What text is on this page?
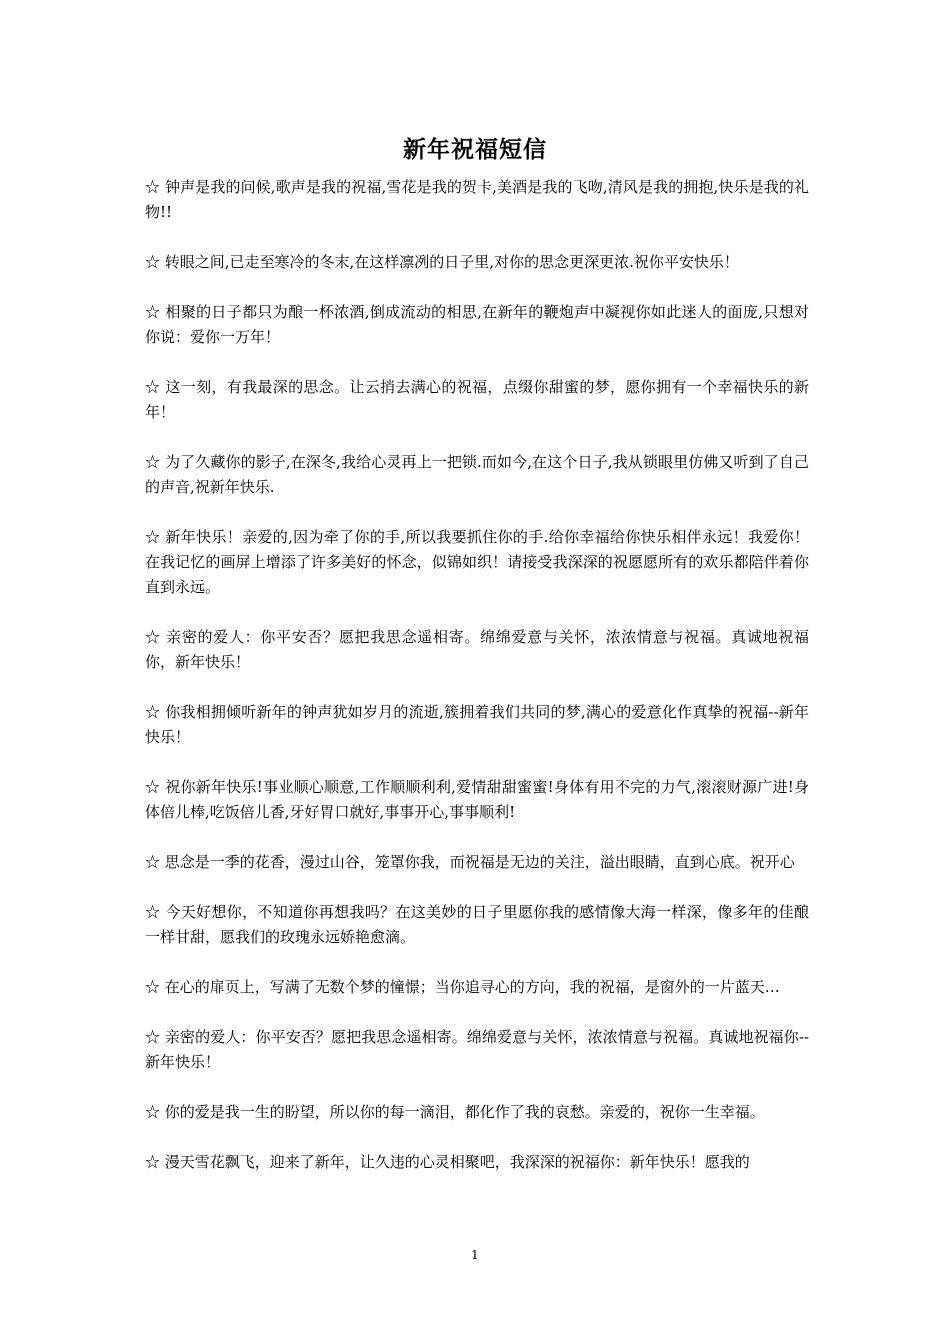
新年祝福短信

☆ 钟声是我的问候,歌声是我的祝福,雪花是我的贺卡,美酒是我的飞吻,清风是我的拥抱,快乐是我的礼物!!

☆ 转眼之间,已走至寒冷的冬末,在这样凛冽的日子里,对你的思念更深更浓.祝你平安快乐！

☆ 相聚的日子都只为酿一杯浓酒,倒成流动的相思,在新年的鞭炮声中凝视你如此迷人的面庞,只想对你说：爱你一万年！

☆ 这一刻，有我最深的思念。让云捎去满心的祝福，点缀你甜蜜的梦，愿你拥有一个幸福快乐的新年！

☆ 为了久藏你的影子,在深冬,我给心灵再上一把锁.而如今,在这个日子,我从锁眼里仿佛又听到了自己的声音,祝新年快乐.

☆ 新年快乐！亲爱的,因为牵了你的手,所以我要抓住你的手.给你幸福给你快乐相伴永远！我爱你！ 在我记忆的画屏上增添了许多美好的怀念，似锦如织！请接受我深深的祝愿愿所有的欢乐都陪伴着你直到永远。

☆ 亲密的爱人：你平安否？愿把我思念遥相寄。绵绵爱意与关怀，浓浓情意与祝福。真诚地祝福你，新年快乐！

☆ 你我相拥倾听新年的钟声犹如岁月的流逝,簇拥着我们共同的梦,满心的爱意化作真挚的祝福--新年快乐！

☆ 祝你新年快乐!事业顺心顺意,工作顺顺利利,爱情甜甜蜜蜜!身体有用不完的力气,滚滚财源广进!身体倍儿棒,吃饭倍儿香,牙好胃口就好,事事开心,事事顺利!

☆ 思念是一季的花香，漫过山谷，笼罩你我，而祝福是无边的关注，溢出眼睛，直到心底。祝开心

☆ 今天好想你，不知道你再想我吗？在这美妙的日子里愿你我的感情像大海一样深，像多年的佳酿一样甘甜，愿我们的玫瑰永远娇艳愈滴。

☆ 在心的扉页上，写满了无数个梦的憧憬；当你追寻心的方向，我的祝福，是窗外的一片蓝天…

☆ 亲密的爱人：你平安否？愿把我思念遥相寄。绵绵爱意与关怀，浓浓情意与祝福。真诚地祝福你--新年快乐！

☆ 你的爱是我一生的盼望，所以你的每一滴泪，都化作了我的哀愁。亲爱的，祝你一生幸福。

☆ 漫天雪花飘飞，迎来了新年，让久违的心灵相聚吧，我深深的祝福你：新年快乐！愿我的

1
